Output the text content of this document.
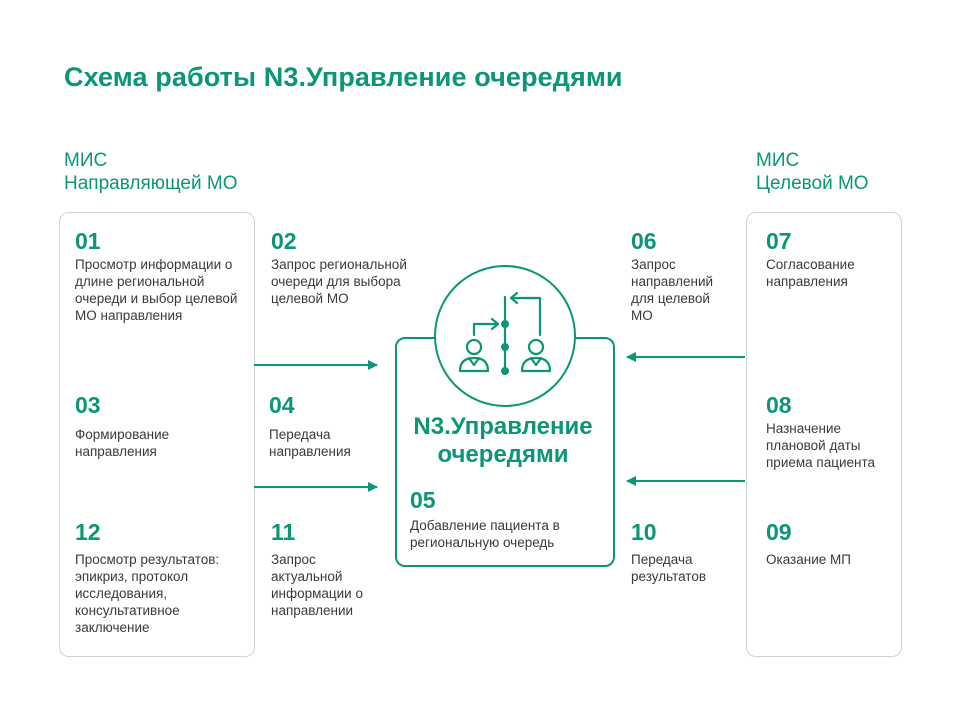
Схема работы N3.Управление очередями
МИС
Направляющей МО
МИС
Целевой МО
N3.Управление
очередями
01
Просмотр информации о длине региональной очереди и выбор целевой МО направления
02
Запрос региональной очереди для выбора целевой МО
03
Формирование направления
04
Передача направления
05
Добавление пациента в региональную очередь
06
Запрос направлений для целевой МО
07
Согласование направления
08
Назначение плановой даты приема пациента
09
Оказание МП
10
Передача результатов
11
Запрос актуальной информации о направлении
12
Просмотр результатов: эпикриз, протокол исследования, консультативное заключение
